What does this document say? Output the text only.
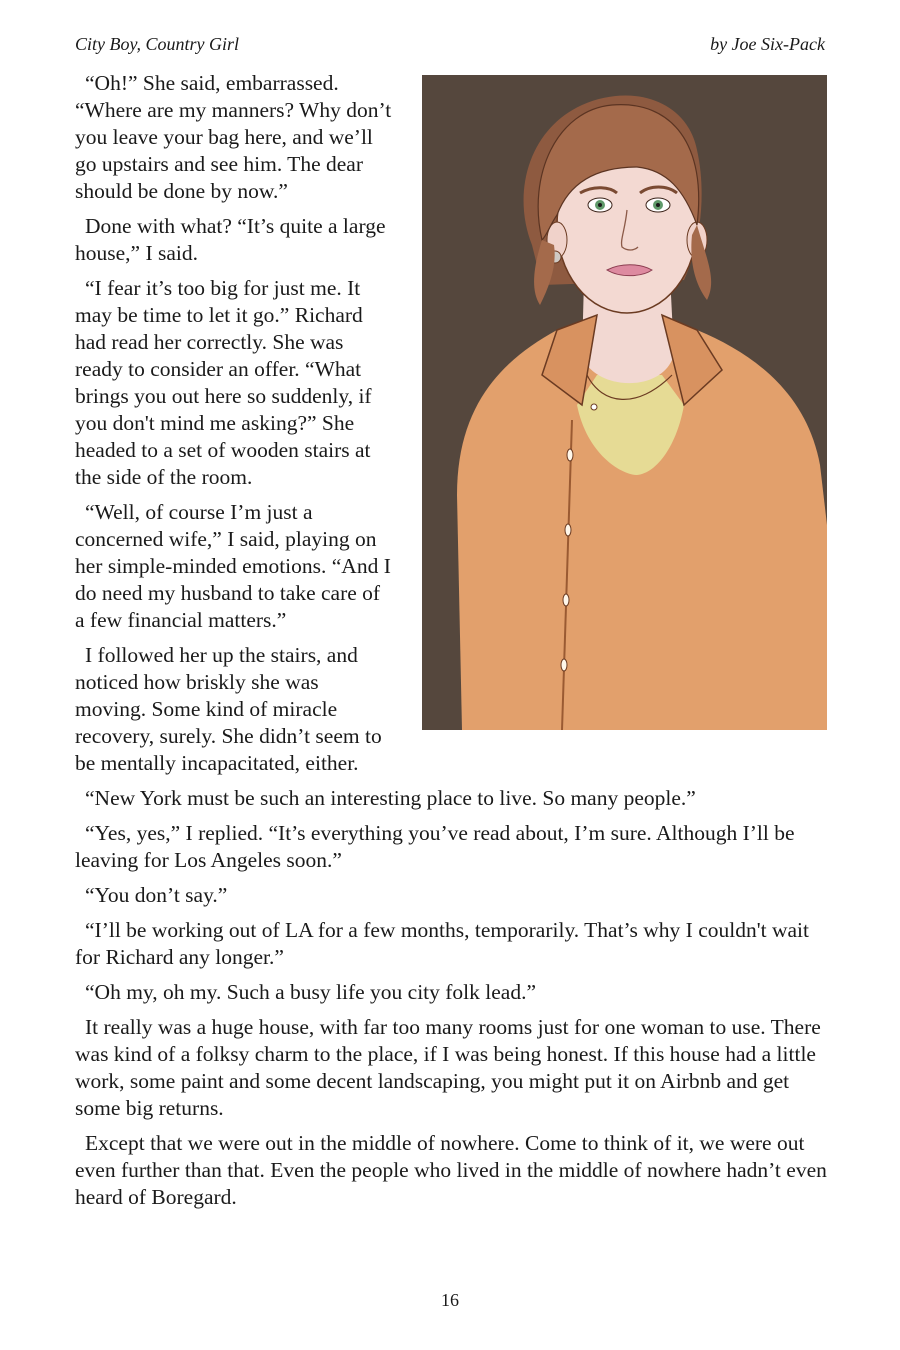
City Boy, Country Girl	by Joe Six-Pack

“Oh!” She said, embarrassed. “Where are my manners? Why don’t you leave your bag here, and we’ll go upstairs and see him. The dear should be done by now.”

Done with what? “It’s quite a large house,” I said.

“I fear it’s too big for just me. It may be time to let it go.” Richard had read her correctly. She was ready to consider an offer. “What brings you out here so suddenly, if you don't mind me asking?” She headed to a set of wooden stairs at the side of the room.

“Well, of course I’m just a concerned wife,” I said, playing on her simple-minded emotions. “And I do need my husband to take care of a few financial matters.”

I followed her up the stairs, and noticed how briskly she was moving. Some kind of miracle recovery, surely. She didn’t seem to be mentally incapacitated, either.

“New York must be such an interesting place to live. So many people.”

“Yes, yes,” I replied. “It’s everything you’ve read about, I’m sure. Although I’ll be leaving for Los Angeles soon.”

“You don’t say.”

“I’ll be working out of LA for a few months, temporarily. That’s why I couldn't wait for Richard any longer.”

“Oh my, oh my. Such a busy life you city folk lead.”

It really was a huge house, with far too many rooms just for one woman to use. There was kind of a folksy charm to the place, if I was being honest. If this house had a little work, some paint and some decent landscaping, you might put it on Airbnb and get some big returns.

Except that we were out in the middle of nowhere. Come to think of it, we were out even further than that. Even the people who lived in the middle of nowhere hadn’t even heard of Boregard.

16
